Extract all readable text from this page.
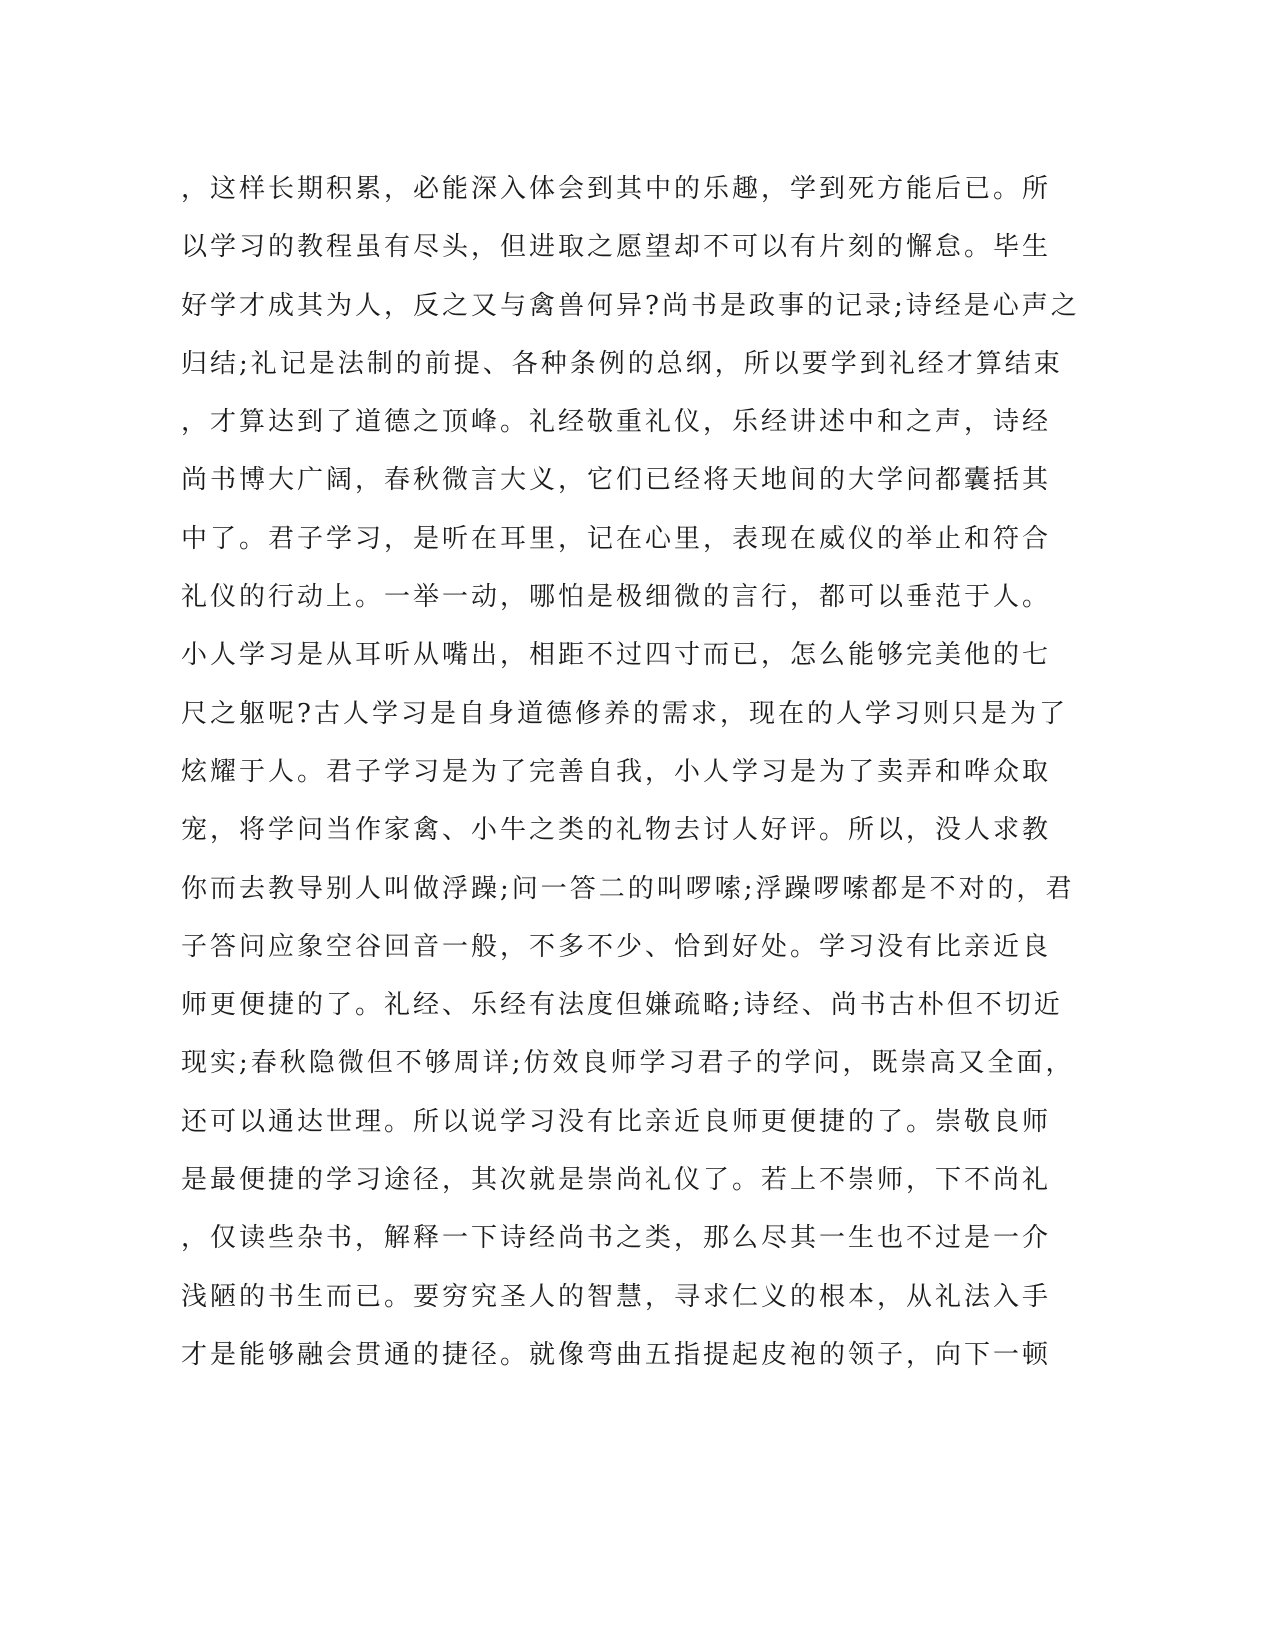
，这样长期积累，必能深入体会到其中的乐趣，学到死方能后已。所
以学习的教程虽有尽头，但进取之愿望却不可以有片刻的懈怠。毕生
好学才成其为人，反之又与禽兽何异?尚书是政事的记录;诗经是心声之
归结;礼记是法制的前提、各种条例的总纲，所以要学到礼经才算结束
，才算达到了道德之顶峰。礼经敬重礼仪，乐经讲述中和之声，诗经
尚书博大广阔，春秋微言大义，它们已经将天地间的大学问都囊括其
中了。君子学习，是听在耳里，记在心里，表现在威仪的举止和符合
礼仪的行动上。一举一动，哪怕是极细微的言行，都可以垂范于人。
小人学习是从耳听从嘴出，相距不过四寸而已，怎么能够完美他的七
尺之躯呢?古人学习是自身道德修养的需求，现在的人学习则只是为了
炫耀于人。君子学习是为了完善自我，小人学习是为了卖弄和哗众取
宠，将学问当作家禽、小牛之类的礼物去讨人好评。所以，没人求教
你而去教导别人叫做浮躁;问一答二的叫啰嗦;浮躁啰嗦都是不对的，君
子答问应象空谷回音一般，不多不少、恰到好处。学习没有比亲近良
师更便捷的了。礼经、乐经有法度但嫌疏略;诗经、尚书古朴但不切近
现实;春秋隐微但不够周详;仿效良师学习君子的学问，既崇高又全面，
还可以通达世理。所以说学习没有比亲近良师更便捷的了。崇敬良师
是最便捷的学习途径，其次就是崇尚礼仪了。若上不崇师，下不尚礼
，仅读些杂书，解释一下诗经尚书之类，那么尽其一生也不过是一介
浅陋的书生而已。要穷究圣人的智慧，寻求仁义的根本，从礼法入手
才是能够融会贯通的捷径。就像弯曲五指提起皮袍的领子，向下一顿
